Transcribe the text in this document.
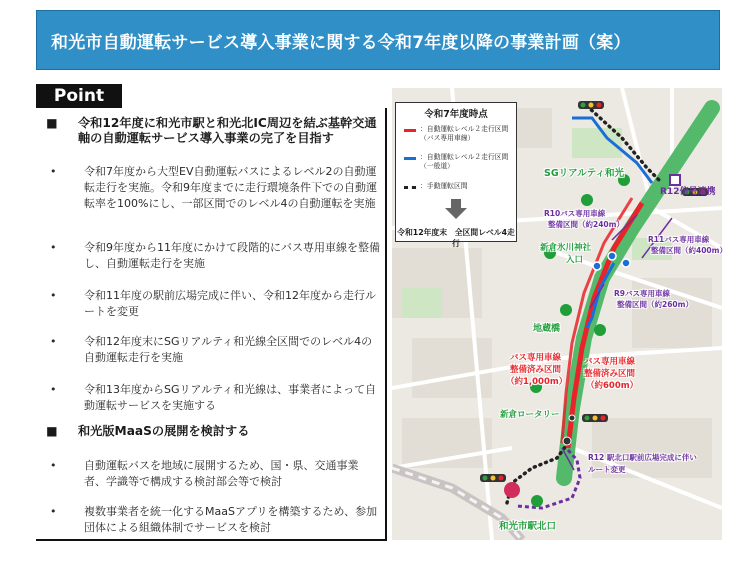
和光市自動運転サービス導入事業に関する令和7年度以降の事業計画（案）
Point
■ 令和12年度に和光市駅と和光北IC周辺を結ぶ基幹交通軸の自動運転サービス導入事業の完了を目指す
•	令和7年度から大型EV自動運転バスによるレベル2の自動運転走行を実施。令和9年度までに走行環境条件下での自動運転率を100%にし、一部区間でのレベル4の自動運転を実施
•	令和9年度から11年度にかけて段階的にバス専用車線を整備し、自動運転走行を実施
•	令和11年度の駅前広場完成に伴い、令和12年度から走行ルートを変更
•	令和12年度末にSGリアルティ和光線全区間でのレベル4の自動運転走行を実施
•	令和13年度からSGリアルティ和光線は、事業者によって自動運転サービスを実施する
■ 和光版MaaSの展開を検討する
•	自動運転バスを地域に展開するため、国・県、交通事業者、学識等で構成する検討部会等で検討
•	複数事業者を統一化するMaaSアプリを構築するため、参加団体による組織体制でサービスを検討
令和7年度時点
：自動運転レベル２走行区間（バス専用車線）
：自動運転レベル２走行区間（一般道）
：手動運転区間
令和12年度末　全区間レベル4走行
R12信号連携
SGリアルティ和光
R10バス専用車線
整備区間（約240m）
R11バス専用車線
整備区間（約400m）
新倉氷川神社
入口
R9バス専用車線
整備区間（約260m）
地蔵橋
バス専用車線
整備済み区間
（約1,000m）
バス専用車線
整備済み区間
（約600m）
新倉ロータリー
R12 駅北口駅前広場完成に伴い
ルート変更
和光市駅北口
